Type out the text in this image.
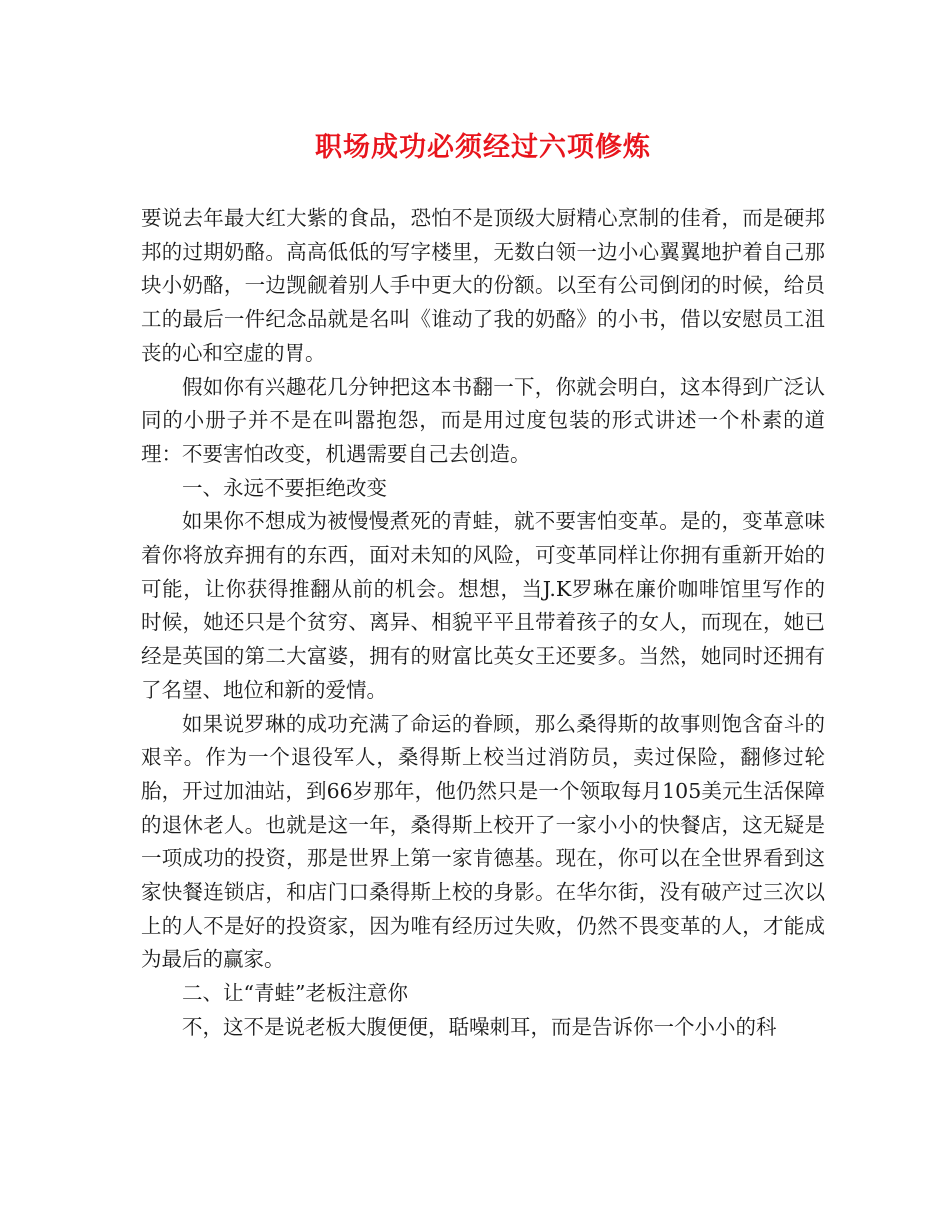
职场成功必须经过六项修炼

要说去年最大红大紫的食品，恐怕不是顶级大厨精心烹制的佳肴，而是硬邦邦的过期奶酪。高高低低的写字楼里，无数白领一边小心翼翼地护着自己那块小奶酪，一边觊觎着别人手中更大的份额。以至有公司倒闭的时候，给员工的最后一件纪念品就是名叫《谁动了我的奶酪》的小书，借以安慰员工沮丧的心和空虚的胃。

假如你有兴趣花几分钟把这本书翻一下，你就会明白，这本得到广泛认同的小册子并不是在叫嚣抱怨，而是用过度包装的形式讲述一个朴素的道理：不要害怕改变，机遇需要自己去创造。

一、永远不要拒绝改变

如果你不想成为被慢慢煮死的青蛙，就不要害怕变革。是的，变革意味着你将放弃拥有的东西，面对未知的风险，可变革同样让你拥有重新开始的可能，让你获得推翻从前的机会。想想，当J.K罗琳在廉价咖啡馆里写作的时候，她还只是个贫穷、离异、相貌平平且带着孩子的女人，而现在，她已经是英国的第二大富婆，拥有的财富比英女王还要多。当然，她同时还拥有了名望、地位和新的爱情。

如果说罗琳的成功充满了命运的眷顾，那么桑得斯的故事则饱含奋斗的艰辛。作为一个退役军人，桑得斯上校当过消防员，卖过保险，翻修过轮胎，开过加油站，到66岁那年，他仍然只是一个领取每月105美元生活保障的退休老人。也就是这一年，桑得斯上校开了一家小小的快餐店，这无疑是一项成功的投资，那是世界上第一家肯德基。现在，你可以在全世界看到这家快餐连锁店，和店门口桑得斯上校的身影。在华尔街，没有破产过三次以上的人不是好的投资家，因为唯有经历过失败，仍然不畏变革的人，才能成为最后的赢家。

二、让“青蛙”老板注意你

不，这不是说老板大腹便便，聒噪刺耳，而是告诉你一个小小的科
